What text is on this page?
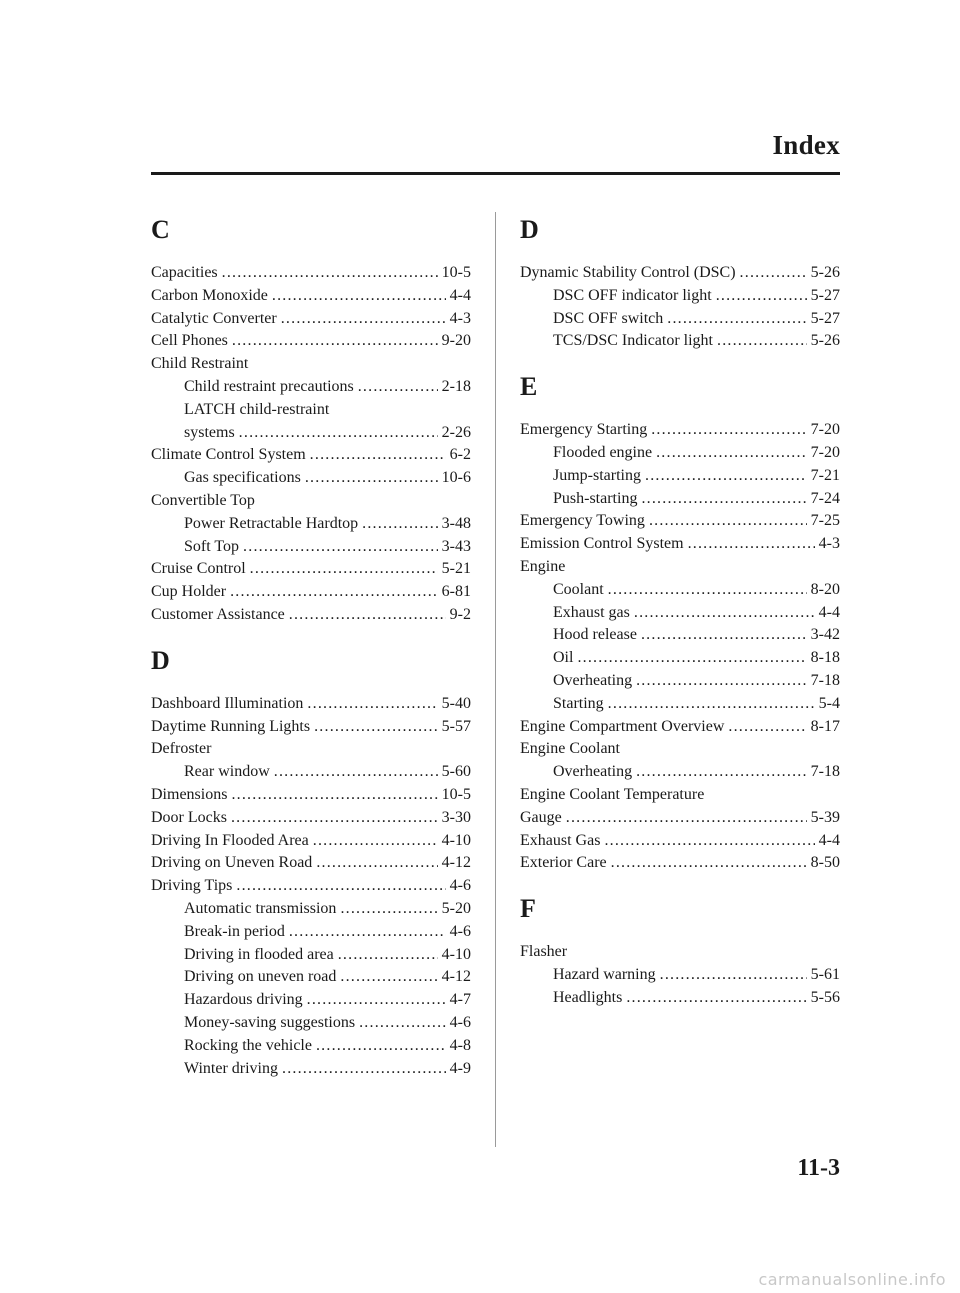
Index
C
Capacities .....	10-5
Carbon Monoxide .....	4-4
Catalytic Converter .....	4-3
Cell Phones .....	9-20
Child Restraint
Child restraint precautions .....	2-18
LATCH child-restraint
systems .....	2-26
Climate Control System .....	6-2
Gas specifications .....	10-6
Convertible Top
Power Retractable Hardtop .....	3-48
Soft Top .....	3-43
Cruise Control .....	5-21
Cup Holder .....	6-81
Customer Assistance .....	9-2
D
Dashboard Illumination .....	5-40
Daytime Running Lights .....	5-57
Defroster
Rear window .....	5-60
Dimensions .....	10-5
Door Locks .....	3-30
Driving In Flooded Area .....	4-10
Driving on Uneven Road .....	4-12
Driving Tips .....	4-6
Automatic transmission .....	5-20
Break-in period .....	4-6
Driving in flooded area .....	4-10
Driving on uneven road .....	4-12
Hazardous driving .....	4-7
Money-saving suggestions .....	4-6
Rocking the vehicle .....	4-8
Winter driving .....	4-9
D
Dynamic Stability Control (DSC) .....	5-26
DSC OFF indicator light .....	5-27
DSC OFF switch .....	5-27
TCS/DSC Indicator light .....	5-26
E
Emergency Starting .....	7-20
Flooded engine .....	7-20
Jump-starting .....	7-21
Push-starting .....	7-24
Emergency Towing .....	7-25
Emission Control System .....	4-3
Engine
Coolant .....	8-20
Exhaust gas .....	4-4
Hood release .....	3-42
Oil .....	8-18
Overheating .....	7-18
Starting .....	5-4
Engine Compartment Overview .....	8-17
Engine Coolant
Overheating .....	7-18
Engine Coolant Temperature
Gauge .....	5-39
Exhaust Gas .....	4-4
Exterior Care .....	8-50
F
Flasher
Hazard warning .....	5-61
Headlights .....	5-56
11-3
carmanualsonline.info
